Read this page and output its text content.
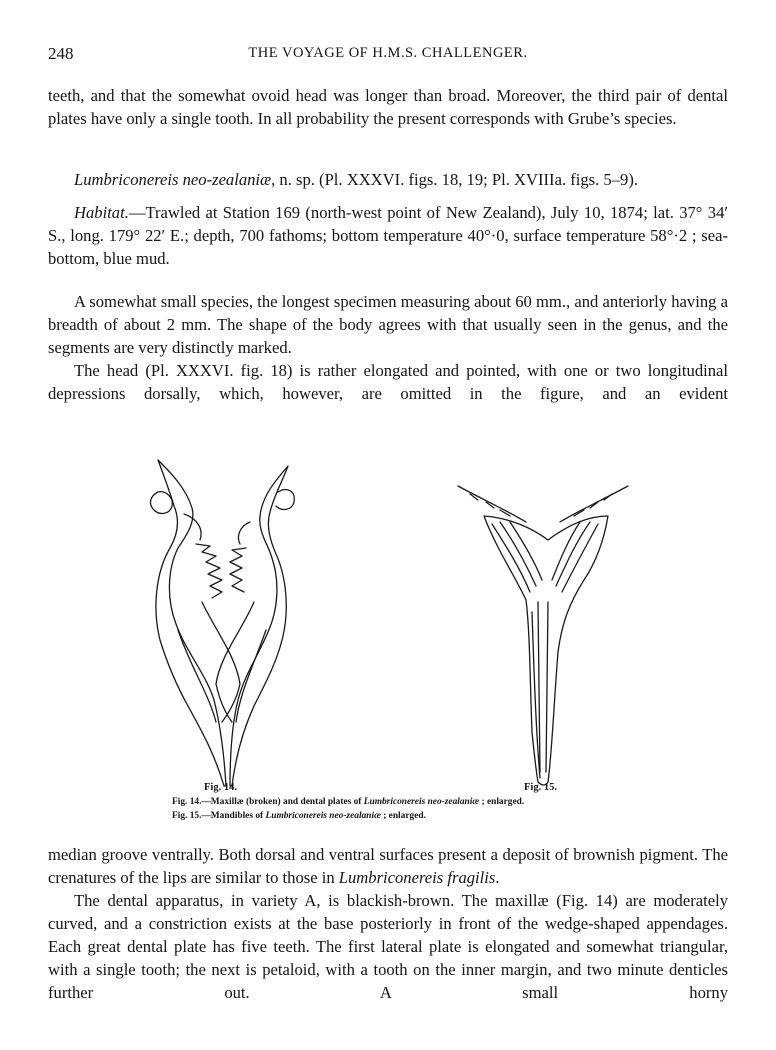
248	THE VOYAGE OF H.M.S. CHALLENGER.

teeth, and that the somewhat ovoid head was longer than broad. Moreover, the third pair of dental plates have only a single tooth. In all probability the present corresponds with Grube’s species.

Lumbriconereis neo-zealaniæ, n. sp. (Pl. XXXVI. figs. 18, 19; Pl. XVIIIa. figs. 5–9).

Habitat.—Trawled at Station 169 (north-west point of New Zealand), July 10, 1874; lat. 37° 34′ S., long. 179° 22′ E.; depth, 700 fathoms; bottom temperature 40°·0, surface temperature 58°·2 ; sea-bottom, blue mud.

A somewhat small species, the longest specimen measuring about 60 mm., and anteriorly having a breadth of about 2 mm. The shape of the body agrees with that usually seen in the genus, and the segments are very distinctly marked.

The head (Pl. XXXVI. fig. 18) is rather elongated and pointed, with one or two longitudinal depressions dorsally, which, however, are omitted in the figure, and an evident

Fig. 14.	Fig. 15.
Fig. 14.—Maxillæ (broken) and dental plates of Lumbriconereis neo-zealaniæ ; enlarged.
Fig. 15.—Mandibles of Lumbriconereis neo-zealaniæ ; enlarged.

median groove ventrally. Both dorsal and ventral surfaces present a deposit of brownish pigment. The crenatures of the lips are similar to those in Lumbriconereis fragilis.

The dental apparatus, in variety A, is blackish-brown. The maxillæ (Fig. 14) are moderately curved, and a constriction exists at the base posteriorly in front of the wedge-shaped appendages. Each great dental plate has five teeth. The first lateral plate is elongated and somewhat triangular, with a single tooth; the next is petaloid, with a tooth on the inner margin, and two minute denticles further out. A small horny
